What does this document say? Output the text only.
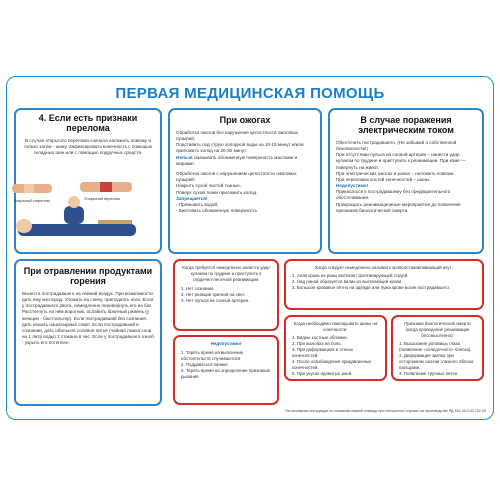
ПЕРВАЯ МЕДИЦИНСКАЯ ПОМОЩЬ
4. Если есть признаки перелома

В случае открытого перелома сначала наложить повязку и только затем - шину. Зафиксировать конечность с помощью складных шин или с помощью подручных средств.

Закрытый перелом	Открытый перелом
При ожогах

Обработка ожогов без нарушения целостности ожоговых пузырей:

Подставить под струю холодной воды на 10-15 минут и/или приложить холод на 20-30 минут.

Нельзя смазывать обожженную поверхность маслами и жирами!

Обработка ожогов с нарушением целостности ожоговых пузырей:

Накрыть сухой чистой тканью.

Поверх сухой ткани приложить холод.

Запрещается!

- Промывать водой.

- Бинтовать обожженную поверхность

В случае поражения электрическим током

Обесточить пострадавшего. (Не забывай о собственной безопасности!)

При отсутствии пульса на сонной артерии – нанести удар кулаком по грудине и приступить к реанимации. При коме — повернуть на живот.

При электрических ожогах и ранах – наложить повязки.

При переломах костей конечностей – шины.

Недопустимо!

Прикасаться к пострадавшему без предварительного обесточивания.

Прекращать реанимационные мероприятия до появления признаков биологической смерти.

При отравлении продуктами горения

Вынести пострадавшего на свежий воздух. При возможности дать ему кислород. Уложить на спину, приподнять ноги. Если у пострадавшего рвота, немедленно перевернуть его на бок. Расстегнуть на нём воротник, ослабить брючный ремень (у женщин - бюстгальтер). Если пострадавший без сознания, дать нюхать нашатырный спирт. Если пострадавший в сознании, дать обильное солевое питьё (чайная ложка соли на 1 литр воды) 2 стакана в час. Если у пострадавшего озноб - укрыть его потеплее.

Когда требуется немедленно нанести удар кулаком по грудине и приступить к сердечно-легочной реанимации:

1. Нет сознания.
2. Нет реакции зрачков на свет.
3. Нет пульса на сонной артерии.

Недопустимо!

1. Терять время на выяснение обстоятельств случившегося
2. Поддаваться панике
3. Терять время на определение признаков дыхания

Когда следует немедленно наложить кровоостанавливающий жгут:

1. Алая кровь из раны вытекает фонтанирующей струей.
2. Над раной образуется валик из вытекающей крови.
3. Большое кровавое пятно на одежде или лужа крови возле пострадавшего.

Когда необходимо накладывать шины на конечности:

1. Видны костные обломки.
2. При жалобах на боль.
3. При деформациях и отеках конечностей.
4. После освобождения придавленных конечностей.
5. При укусах ядовитых змей.

Признаки биологической смерти (когда проведение реанимации бессмысленно):

1. Высыхание роговицы глаза (появление «селедочного» блеска).
2. Деформация зрачка при осторожном сжатии глазного яблока пальцами.
3. Появление трупных пятен.
На основании инструкции по оказанию первой помощи при несчастных случаях на производстве РД 153-34.0-03.702-99
